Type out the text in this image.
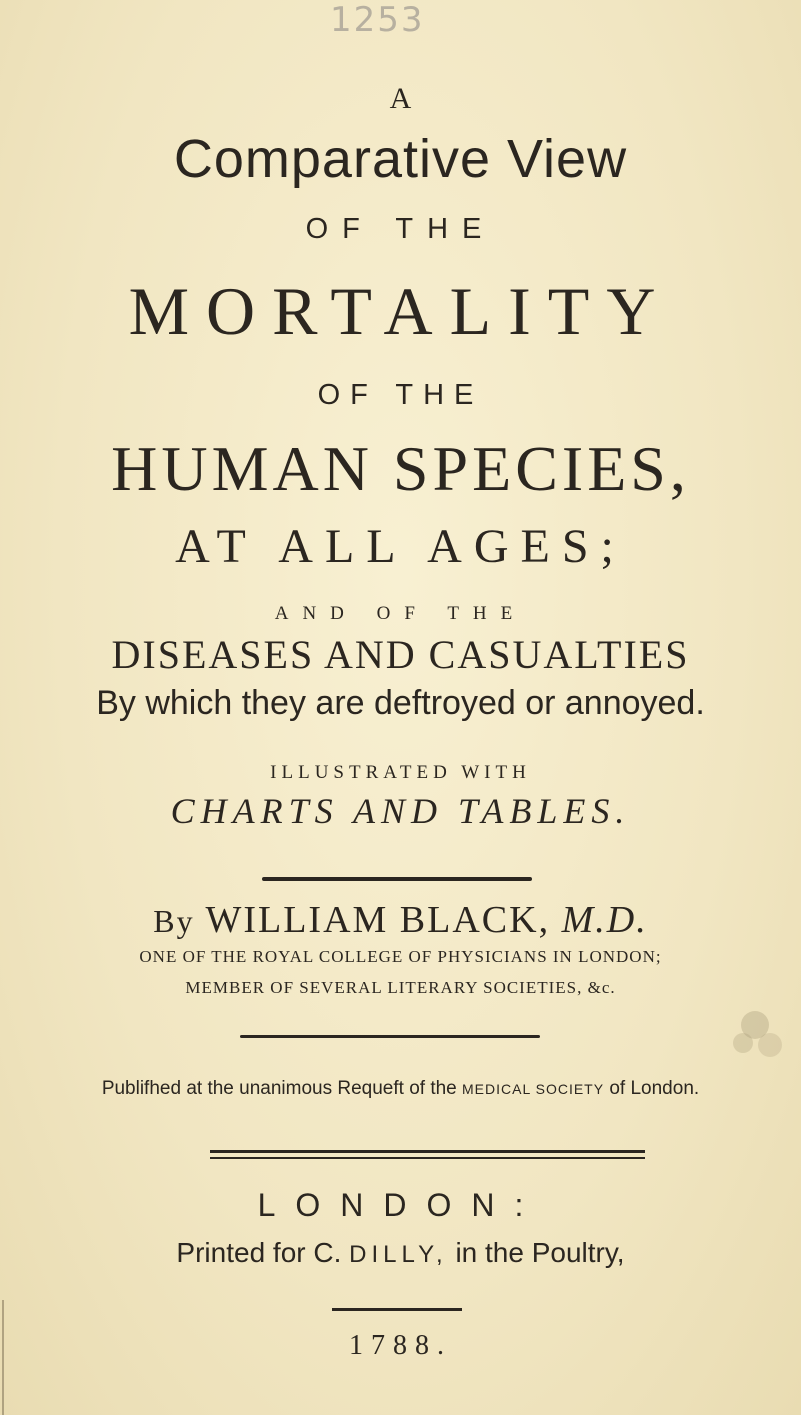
1253
A
Comparative View
OF THE
MORTALITY
OF THE
HUMAN SPECIES,
AT ALL AGES;
AND OF THE
DISEASES AND CASUALTIES
By which they are deftroyed or annoyed.
ILLUSTRATED WITH
CHARTS AND TABLES.
By WILLIAM BLACK, M.D.
ONE OF THE ROYAL COLLEGE OF PHYSICIANS IN LONDON;
MEMBER OF SEVERAL LITERARY SOCIETIES, &c.
Publifhed at the unanimous Requeft of the MEDICAL SOCIETY of London.
LONDON:
Printed for C. DILLY, in the Poultry,
1788.
